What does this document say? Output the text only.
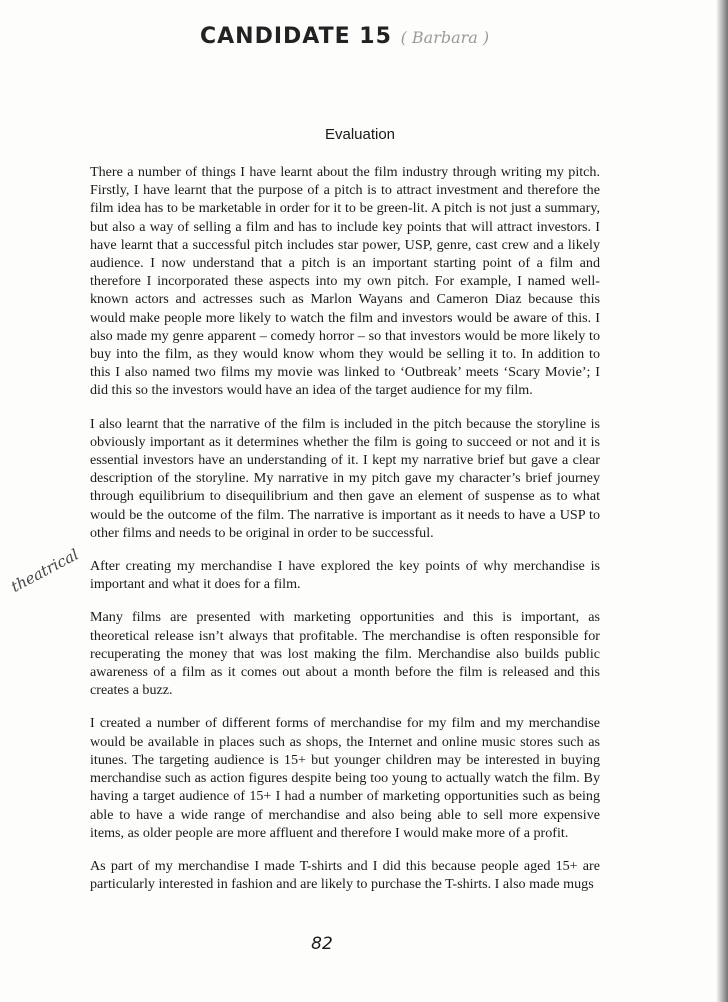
CANDIDATE 15 ( Barbara )
Evaluation

There a number of things I have learnt about the film industry through writing my pitch. Firstly, I have learnt that the purpose of a pitch is to attract investment and therefore the film idea has to be marketable in order for it to be green-lit. A pitch is not just a summary, but also a way of selling a film and has to include key points that will attract investors. I have learnt that a successful pitch includes star power, USP, genre, cast crew and a likely audience. I now understand that a pitch is an important starting point of a film and therefore I incorporated these aspects into my own pitch. For example, I named well-known actors and actresses such as Marlon Wayans and Cameron Diaz because this would make people more likely to watch the film and investors would be aware of this. I also made my genre apparent – comedy horror – so that investors would be more likely to buy into the film, as they would know whom they would be selling it to. In addition to this I also named two films my movie was linked to ‘Outbreak’ meets ‘Scary Movie’; I did this so the investors would have an idea of the target audience for my film.

I also learnt that the narrative of the film is included in the pitch because the storyline is obviously important as it determines whether the film is going to succeed or not and it is essential investors have an understanding of it. I kept my narrative brief but gave a clear description of the storyline. My narrative in my pitch gave my character’s brief journey through equilibrium to disequilibrium and then gave an element of suspense as to what would be the outcome of the film. The narrative is important as it needs to have a USP to other films and needs to be original in order to be successful.

After creating my merchandise I have explored the key points of why merchandise is important and what it does for a film.

Many films are presented with marketing opportunities and this is important, as theoretical release isn’t always that profitable. The merchandise is often responsible for recuperating the money that was lost making the film. Merchandise also builds public awareness of a film as it comes out about a month before the film is released and this creates a buzz.

I created a number of different forms of merchandise for my film and my merchandise would be available in places such as shops, the Internet and online music stores such as itunes. The targeting audience is 15+ but younger children may be interested in buying merchandise such as action figures despite being too young to actually watch the film. By having a target audience of 15+ I had a number of marketing opportunities such as being able to have a wide range of merchandise and also being able to sell more expensive items, as older people are more affluent and therefore I would make more of a profit.

As part of my merchandise I made T-shirts and I did this because people aged 15+ are particularly interested in fashion and are likely to purchase the T-shirts. I also made mugs

theatrical
82
